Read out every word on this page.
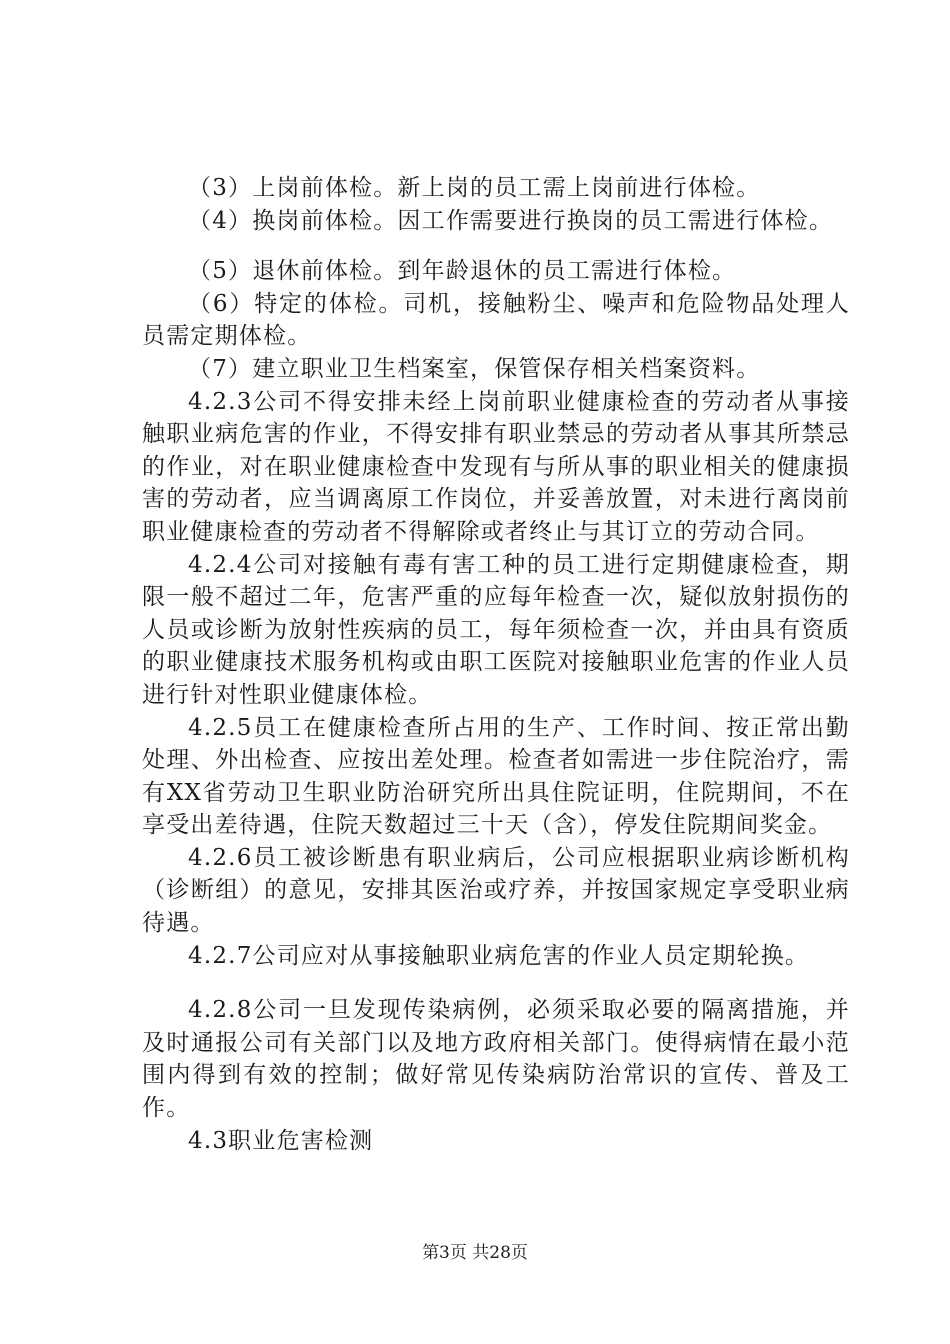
（3）上岗前体检。新上岗的员工需上岗前进行体检。

（4）换岗前体检。因工作需要进行换岗的员工需进行体检。

（5）退休前体检。到年龄退休的员工需进行体检。

（6）特定的体检。司机，接触粉尘、噪声和危险物品处理人员需定期体检。

（7）建立职业卫生档案室，保管保存相关档案资料。

4.2.3公司不得安排未经上岗前职业健康检查的劳动者从事接触职业病危害的作业，不得安排有职业禁忌的劳动者从事其所禁忌的作业，对在职业健康检查中发现有与所从事的职业相关的健康损害的劳动者，应当调离原工作岗位，并妥善放置，对未进行离岗前职业健康检查的劳动者不得解除或者终止与其订立的劳动合同。

4.2.4公司对接触有毒有害工种的员工进行定期健康检查，期限一般不超过二年，危害严重的应每年检查一次，疑似放射损伤的人员或诊断为放射性疾病的员工，每年须检查一次，并由具有资质的职业健康技术服务机构或由职工医院对接触职业危害的作业人员进行针对性职业健康体检。

4.2.5员工在健康检查所占用的生产、工作时间、按正常出勤处理、外出检查、应按出差处理。检查者如需进一步住院治疗，需有XX省劳动卫生职业防治研究所出具住院证明，住院期间，不在享受出差待遇，住院天数超过三十天（含），停发住院期间奖金。

4.2.6员工被诊断患有职业病后，公司应根据职业病诊断机构（诊断组）的意见，安排其医治或疗养，并按国家规定享受职业病待遇。

4.2.7公司应对从事接触职业病危害的作业人员定期轮换。

4.2.8公司一旦发现传染病例，必须采取必要的隔离措施，并及时通报公司有关部门以及地方政府相关部门。使得病情在最小范围内得到有效的控制；做好常见传染病防治常识的宣传、普及工作。

4.3职业危害检测

第3页 共28页
